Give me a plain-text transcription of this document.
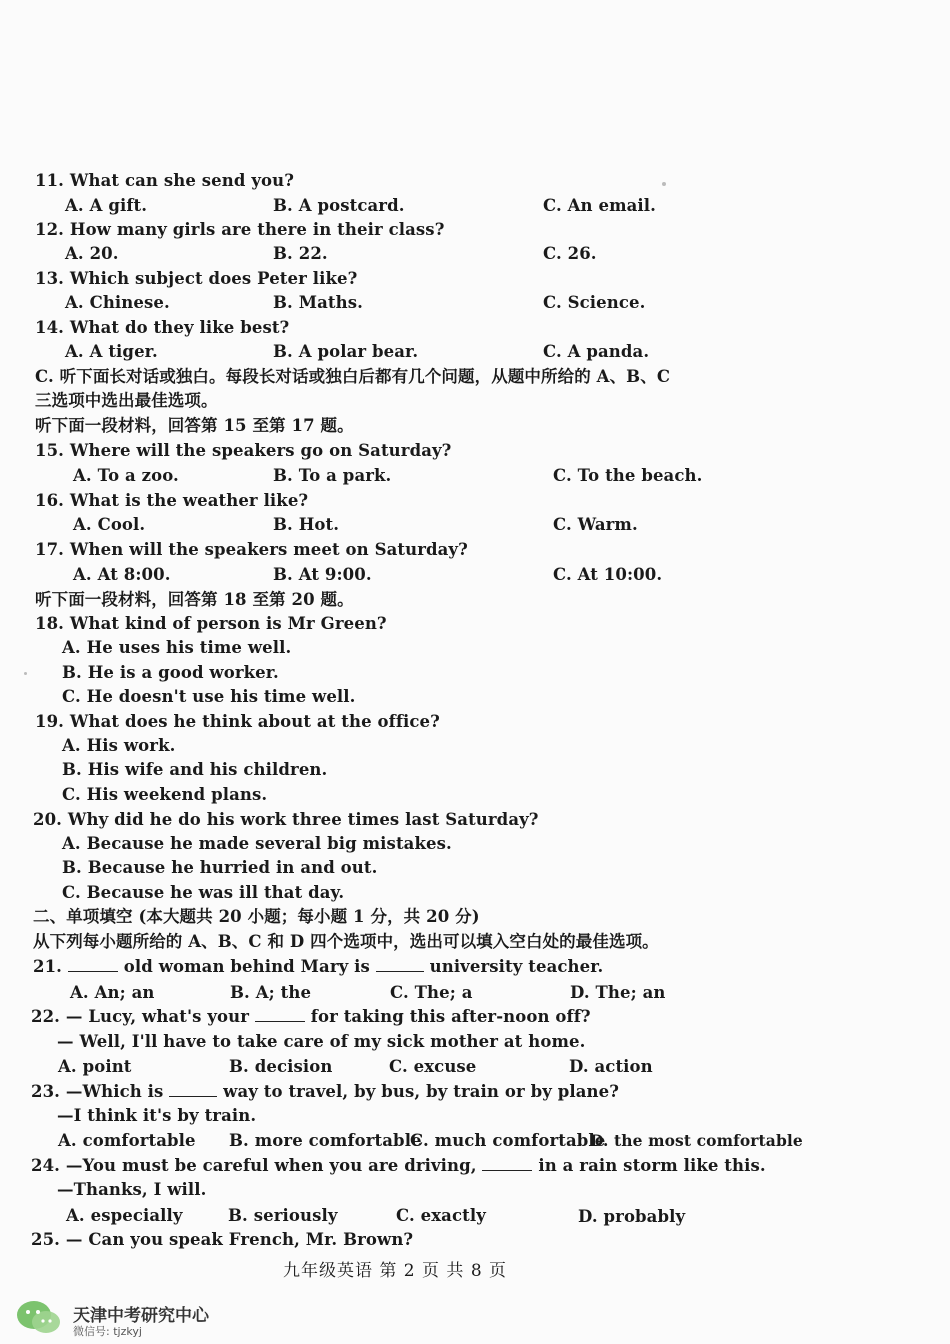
11. What can she send you?
A. A gift.	B. A postcard.	C. An email.
12. How many girls are there in their class?
A. 20.	B. 22.	C. 26.
13. Which subject does Peter like?
A. Chinese.	B. Maths.	C. Science.
14. What do they like best?
A. A tiger.	B. A polar bear.	C. A panda.
C. 听下面长对话或独白。每段长对话或独白后都有几个问题，从题中所给的 A、B、C
三选项中选出最佳选项。
听下面一段材料，回答第 15 至第 17 题。
15. Where will the speakers go on Saturday?
A. To a zoo.	B. To a park.	C. To the beach.
16. What is the weather like?
A. Cool.	B. Hot.	C. Warm.
17. When will the speakers meet on Saturday?
A. At 8:00.	B. At 9:00.	C. At 10:00.
听下面一段材料，回答第 18 至第 20 题。
18. What kind of person is Mr Green?
A. He uses his time well.
B. He is a good worker.
C. He doesn't use his time well.
19. What does he think about at the office?
A. His work.
B. His wife and his children.
C. His weekend plans.
20. Why did he do his work three times last Saturday?
A. Because he made several big mistakes.
B. Because he hurried in and out.
C. Because he was ill that day.
二、单项填空 (本大题共 20 小题；每小题 1 分，共 20 分)
从下列每小题所给的 A、B、C 和 D 四个选项中，选出可以填入空白处的最佳选项。
21.	old woman behind Mary is	university teacher.
A. An; an	B. A; the	C. The; a	D. The; an
22. — Lucy, what's your	for taking this after-noon off?
— Well, I'll have to take care of my sick mother at home.
A. point	B. decision	C. excuse	D. action
23. —Which is	way to travel, by bus, by train or by plane?
—I think it's by train.
A. comfortable B. more comfortable
C. much comfortable
D. the most comfortable
24. —You must be careful when you are driving,	in a rain storm like this.
—Thanks, I will.
A. especially	B. seriously	C. exactly	D. probably
25. — Can you speak French, Mr. Brown?
九年级英语 第 2 页 共 8 页
天津中考研究中心
微信号: tjzkyj
